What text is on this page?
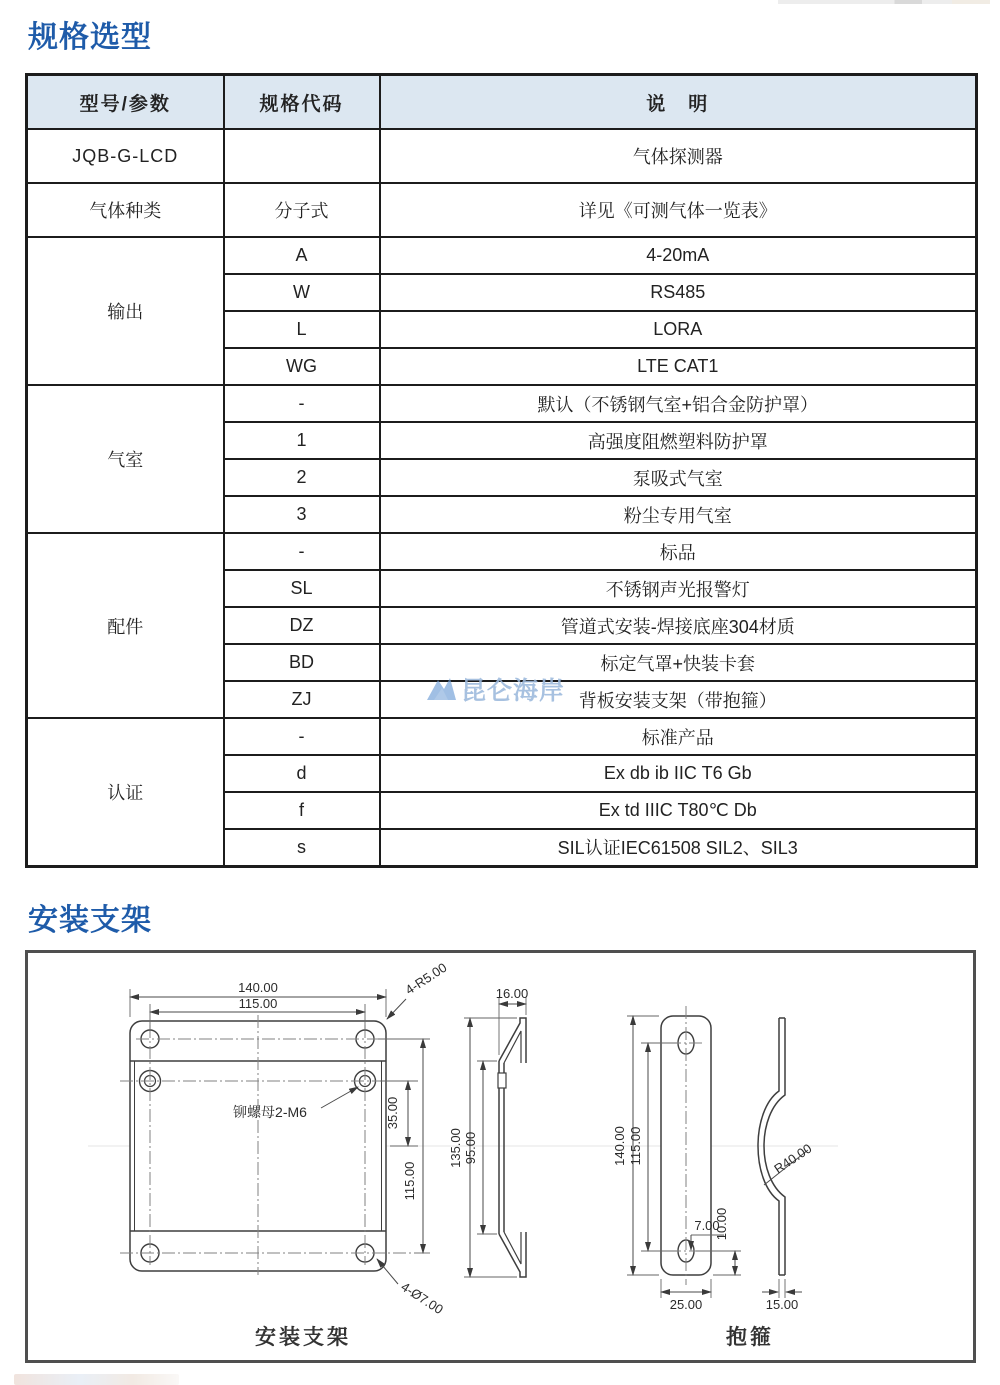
规格选型
型号/参数	规格代码	说　明
JQB-G-LCD		气体探测器
气体种类	分子式	详见《可测气体一览表》
输出	A	4-20mA
	W	RS485
	L	LORA
	WG	LTE CAT1
气室	-	默认（不锈钢气室+铝合金防护罩）
	1	高强度阻燃塑料防护罩
	2	泵吸式气室
	3	粉尘专用气室
配件	-	标品
	SL	不锈钢声光报警灯
	DZ	管道式安装-焊接底座304材质
	BD	标定气罩+快装卡套
	ZJ	背板安装支架（带抱箍）
认证	-	标准产品
	d	Ex db ib IIC T6 Gb
	f	Ex td IIIC T80℃ Db
	s	SIL认证IEC61508 SIL2、SIL3
昆仑海岸
安装支架
140.00
115.00
4-R5.00
铆螺母2-M6	35.00
115.00
4-Ø7.00
安装支架
16.00
135.00 95.00	140.00 115.00
7.00
10.00
25.00
抱箍
R40.00
15.00
